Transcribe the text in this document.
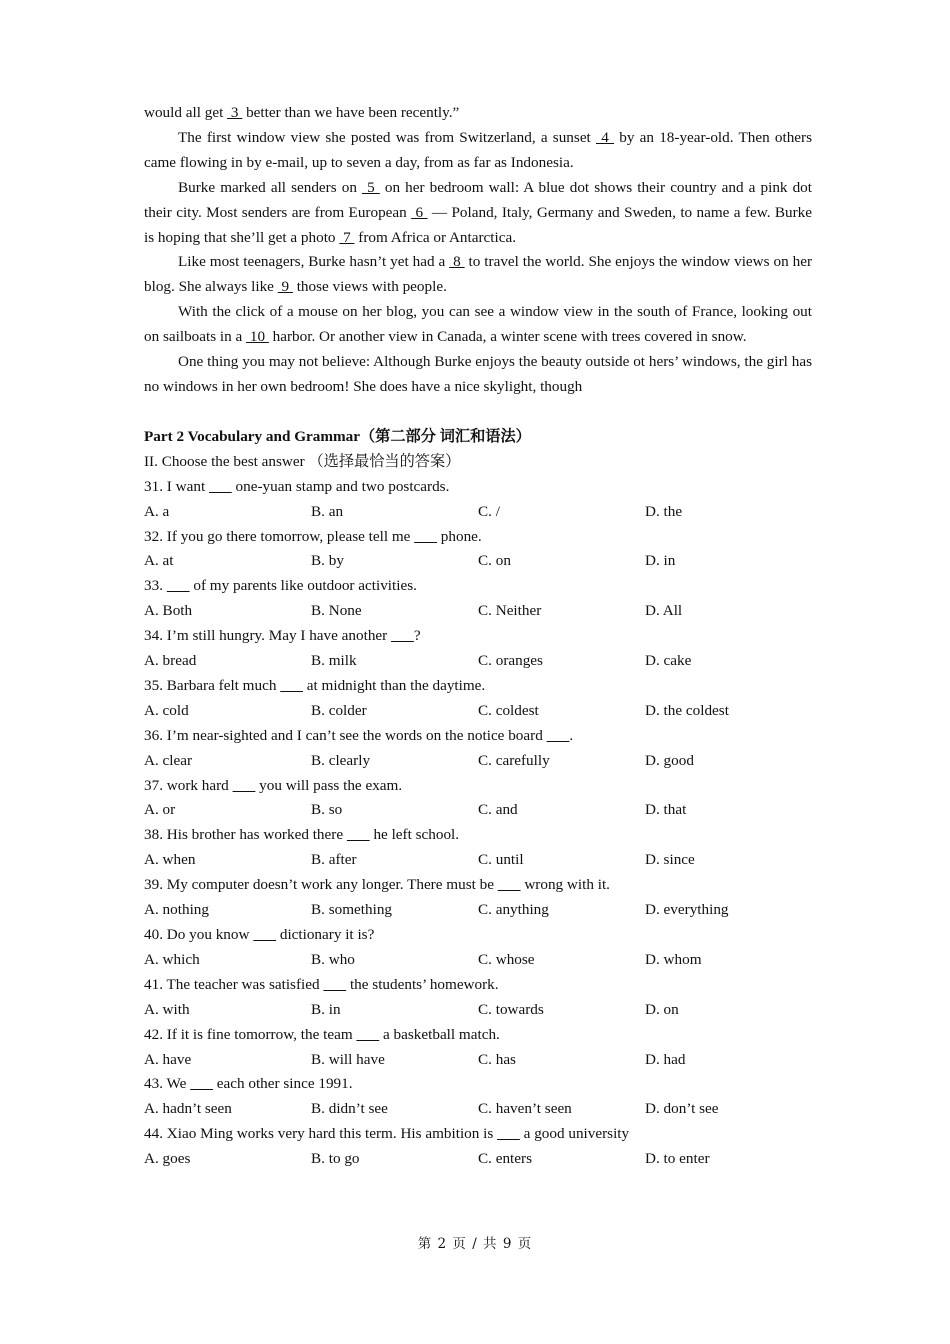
would all get  3  better than we have been recently.”

The first window view she posted was from Switzerland, a sunset  4  by an 18-year-old. Then others came flowing in by e-mail, up to seven a day, from as far as Indonesia.

Burke marked all senders on  5  on her bedroom wall: A blue dot shows their country and a pink dot their city. Most senders are from European  6  — Poland, Italy, Germany and Sweden, to name a few. Burke is hoping that she’ll get a photo  7  from Africa or Antarctica.

Like most teenagers, Burke hasn’t yet had a  8  to travel the world. She enjoys the window views on her blog. She always like  9  those views with people.

With the click of a mouse on her blog, you can see a window view in the south of France, looking out on sailboats in a  10  harbor. Or another view in Canada, a winter scene with trees covered in snow.

One thing you may not believe: Although Burke enjoys the beauty outside ot hers’ windows, the girl has no windows in her own bedroom! She does have a nice skylight, though

Part 2 Vocabulary and Grammar（第二部分 词汇和语法）

II. Choose the best answer （选择最恰当的答案）

31. I want        one-yuan stamp and two postcards.

A. a	B. an	C. /	D. the

32. If you go there tomorrow, please tell me        phone.

A. at	B. by	C. on	D. in

33.        of my parents like outdoor activities.

A. Both	B. None	C. Neither	D. All

34. I’m still hungry. May I have another       ?

A. bread	B. milk	C. oranges	D. cake

35. Barbara felt much        at midnight than the daytime.

A. cold	B. colder	C. coldest	D. the coldest

36. I’m near-sighted and I can’t see the words on the notice board       .

A. clear	B. clearly	C. carefully	D. good

37. work hard        you will pass the exam.

A. or	B. so	C. and	D. that

38. His brother has worked there        he left school.

A. when	B. after	C. until	D. since

39. My computer doesn’t work any longer. There must be        wrong with it.

A. nothing	B. something	C. anything	D. everything

40. Do you know        dictionary it is?

A. which	B. who	C. whose	D. whom

41. The teacher was satisfied        the students’ homework.

A. with	B. in	C. towards	D. on

42. If it is fine tomorrow, the team        a basketball match.

A. have	B. will have	C. has	D. had

43. We        each other since 1991.

A. hadn’t seen	B. didn’t see	C. haven’t seen	D. don’t see

44. Xiao Ming works very hard this term. His ambition is        a good university

A. goes	B. to go	C. enters	D. to enter
第 2 页 / 共 9 页
